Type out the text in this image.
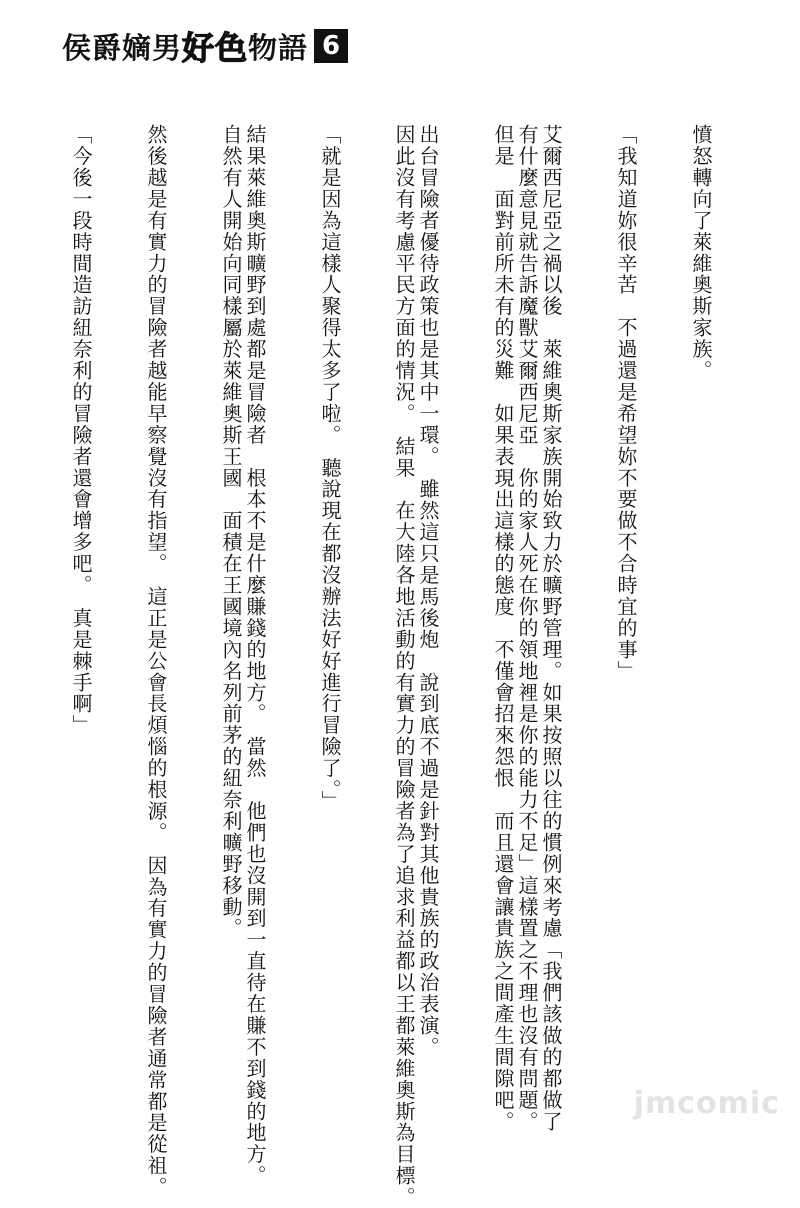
侯爵嫡男 好色 物語 6
憤怒轉向了萊維奧斯家族。
「我知道妳很辛苦　不過還是希望妳不要做不合時宜的事」
艾爾西尼亞之禍以後　萊維奧斯家族開始致力於曠野管理。如果按照以往的慣例來考慮「我們該做的都做了
有什麼意見就告訴魔獸艾爾西尼亞　你的家人死在你的領地裡是你的能力不足」這樣置之不理也沒有問題。
但是　面對前所未有的災難　如果表現出這樣的態度　不僅會招來怨恨　而且還會讓貴族之間產生間隙吧。
出台冒險者優待政策也是其中一環。　雖然這只是馬後炮　說到底不過是針對其他貴族的政治表演。
因此沒有考慮平民方面的情況。　結果　在大陸各地活動的有實力的冒險者為了追求利益都以王都萊維奧斯為目標。
「就是因為這樣人聚得太多了啦。　聽說現在都沒辦法好好進行冒險了。」
結果萊維奧斯曠野到處都是冒險者　根本不是什麼賺錢的地方。　當然　他們也沒開到一直待在賺不到錢的地方。
自然有人開始向同樣屬於萊維奧斯王國　面積在王國境內名列前茅的紐奈利曠野移動。
然後越是有實力的冒險者越能早察覺沒有指望。　這正是公會長煩惱的根源。　因為有實力的冒險者通常都是從祖。
「今後一段時間造訪紐奈利的冒險者還會增多吧。　真是棘手啊」
jmcomic
